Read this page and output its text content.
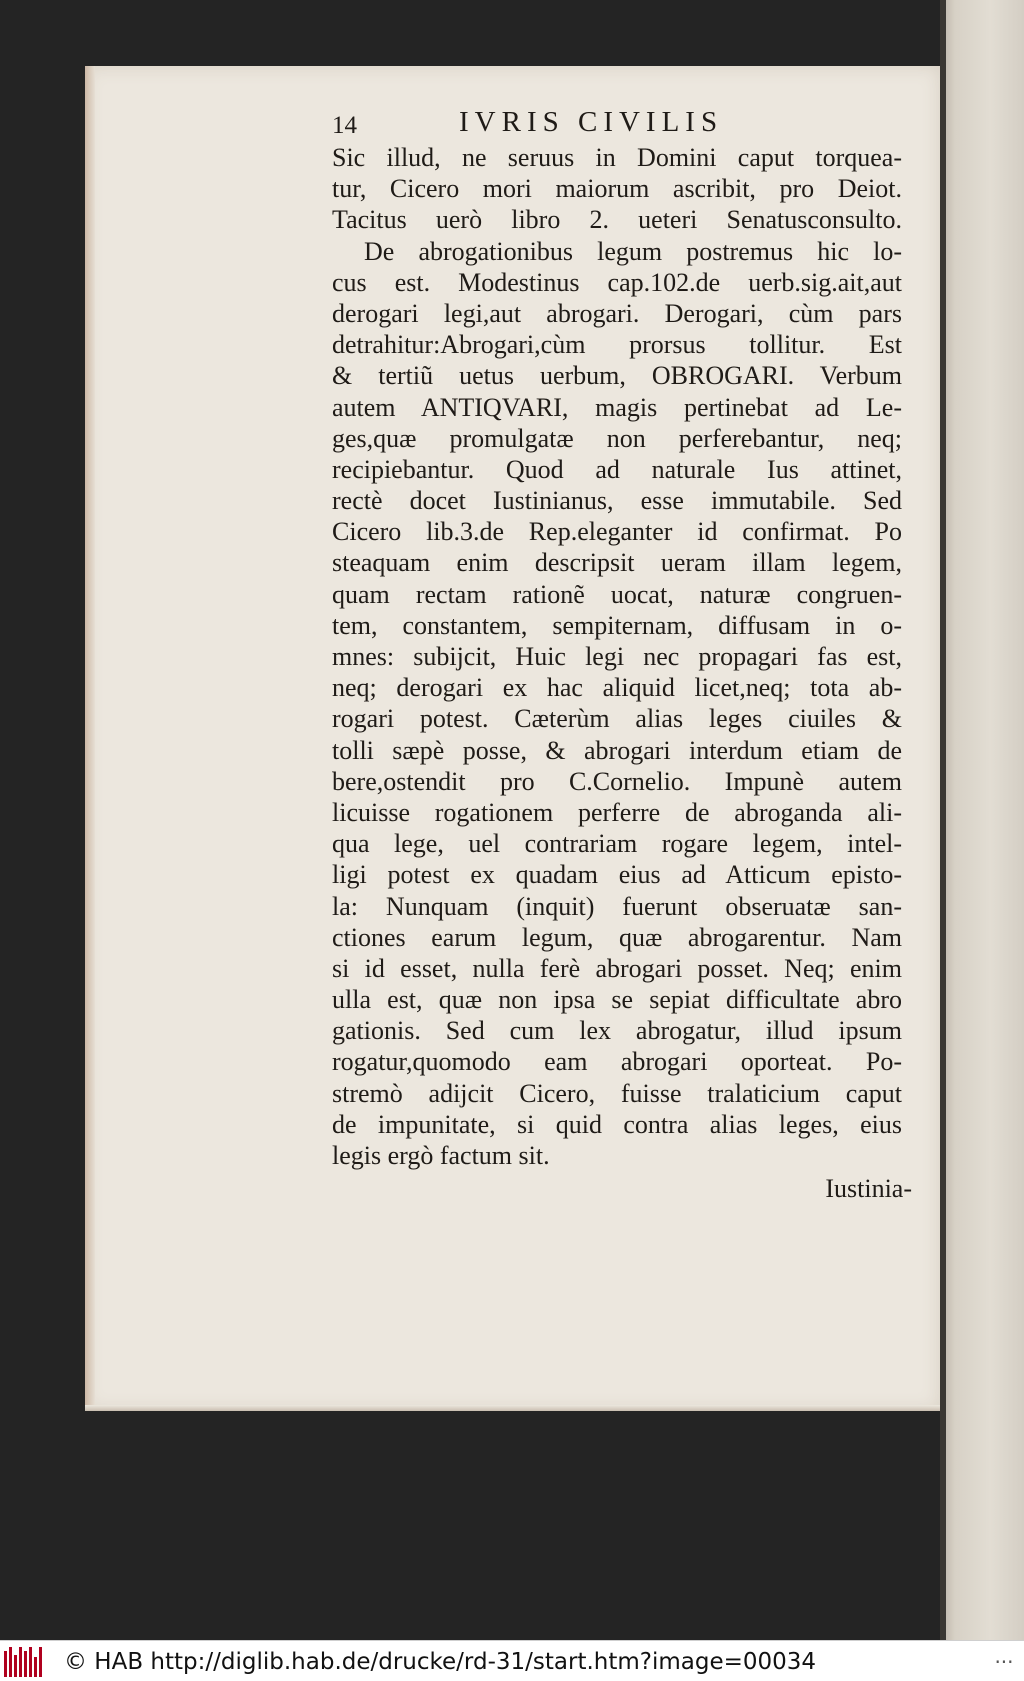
14	IVRIS CIVILIS
Sic illud, ne seruus in Domini caput torquea-
tur, Cicero mori maiorum ascribit, pro Deiot.
Tacitus uerò libro 2. ueteri Senatusconsulto.
De abrogationibus legum postremus hic lo-
cus est. Modestinus cap.102.de uerb.sig.ait,aut
derogari legi,aut abrogari. Derogari, cùm pars
detrahitur:Abrogari,cùm prorsus tollitur. Est
& tertiũ uetus uerbum, OBROGARI. Verbum
autem ANTIQVARI, magis pertinebat ad Le-
ges,quæ promulgatæ non perferebantur, neq;
recipiebantur. Quod ad naturale Ius attinet,
rectè docet Iustinianus, esse immutabile. Sed
Cicero lib.3.de Rep.eleganter id confirmat. Po
steaquam enim descripsit ueram illam legem,
quam rectam rationẽ uocat, naturæ congruen-
tem, constantem, sempiternam, diffusam in o-
mnes: subijcit, Huic legi nec propagari fas est,
neq; derogari ex hac aliquid licet,neq; tota ab-
rogari potest. Cæterùm alias leges ciuiles &
tolli sæpè posse, & abrogari interdum etiam de
bere,ostendit pro C.Cornelio. Impunè autem
licuisse rogationem perferre de abroganda ali-
qua lege, uel contrariam rogare legem, intel-
ligi potest ex quadam eius ad Atticum episto-
la: Nunquam (inquit) fuerunt obseruatæ san-
ctiones earum legum, quæ abrogarentur. Nam
si id esset, nulla ferè abrogari posset. Neq; enim
ulla est, quæ non ipsa se sepiat difficultate abro
gationis. Sed cum lex abrogatur, illud ipsum
rogatur,quomodo eam abrogari oporteat. Po-
stremò adijcit Cicero, fuisse tralaticium caput
de impunitate, si quid contra alias leges, eius
legis ergò factum sit.
Iustinia-
© HAB http://diglib.hab.de/drucke/rd-31/start.htm?image=00034	···
